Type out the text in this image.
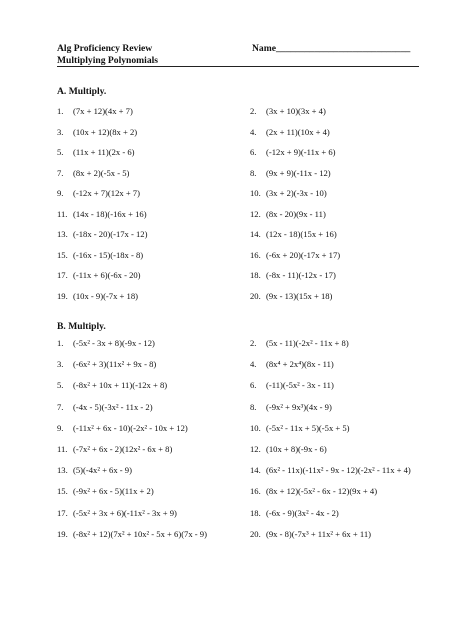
Alg Proficiency Review
Multiplying Polynomials
Name____________________________
A. Multiply.
1. (7x + 12)(4x + 7)	2. (3x + 10)(3x + 4)
3. (10x + 12)(8x + 2)	4. (2x + 11)(10x + 4)
5. (11x + 11)(2x - 6)	6. (-12x + 9)(-11x + 6)
7. (8x + 2)(-5x - 5)	8. (9x + 9)(-11x - 12)
9. (-12x + 7)(12x + 7)	10. (3x + 2)(-3x - 10)
11. (14x - 18)(-16x + 16)	12. (8x - 20)(9x - 11)
13. (-18x - 20)(-17x - 12)	14. (12x - 18)(15x + 16)
15. (-16x - 15)(-18x - 8)	16. (-6x + 20)(-17x + 17)
17. (-11x + 6)(-6x - 20)	18. (-8x - 11)(-12x - 17)
19. (10x - 9)(-7x + 18)	20. (9x - 13)(15x + 18)
B. Multiply.
1. (-5x² - 3x + 8)(-9x - 12)	2. (5x - 11)(-2x² - 11x + 8)
3. (-6x² + 3)(11x² + 9x - 8)	4. (8x⁴ + 2x⁴)(8x - 11)
5. (-8x² + 10x + 11)(-12x + 8)	6. (-11)(-5x² - 3x - 11)
7. (-4x - 5)(-3x² - 11x - 2)	8. (-9x² + 9x³)(4x - 9)
9. (-11x² + 6x - 10)(-2x² - 10x + 12)	10. (-5x² - 11x + 5)(-5x + 5)
11. (-7x² + 6x - 2)(12x² - 6x + 8)	12. (10x + 8)(-9x - 6)
13. (5)(-4x² + 6x - 9)	14. (6x² - 11x)(-11x² - 9x - 12)(-2x² - 11x + 4)
15. (-9x² + 6x - 5)(11x + 2)	16. (8x + 12)(-5x² - 6x - 12)(9x + 4)
17. (-5x² + 3x + 6)(-11x² - 3x + 9)	18. (-6x - 9)(3x² - 4x - 2)
19. (-8x² + 12)(7x² + 10x² - 5x + 6)(7x - 9)	20. (9x - 8)(-7x³ + 11x² + 6x + 11)
